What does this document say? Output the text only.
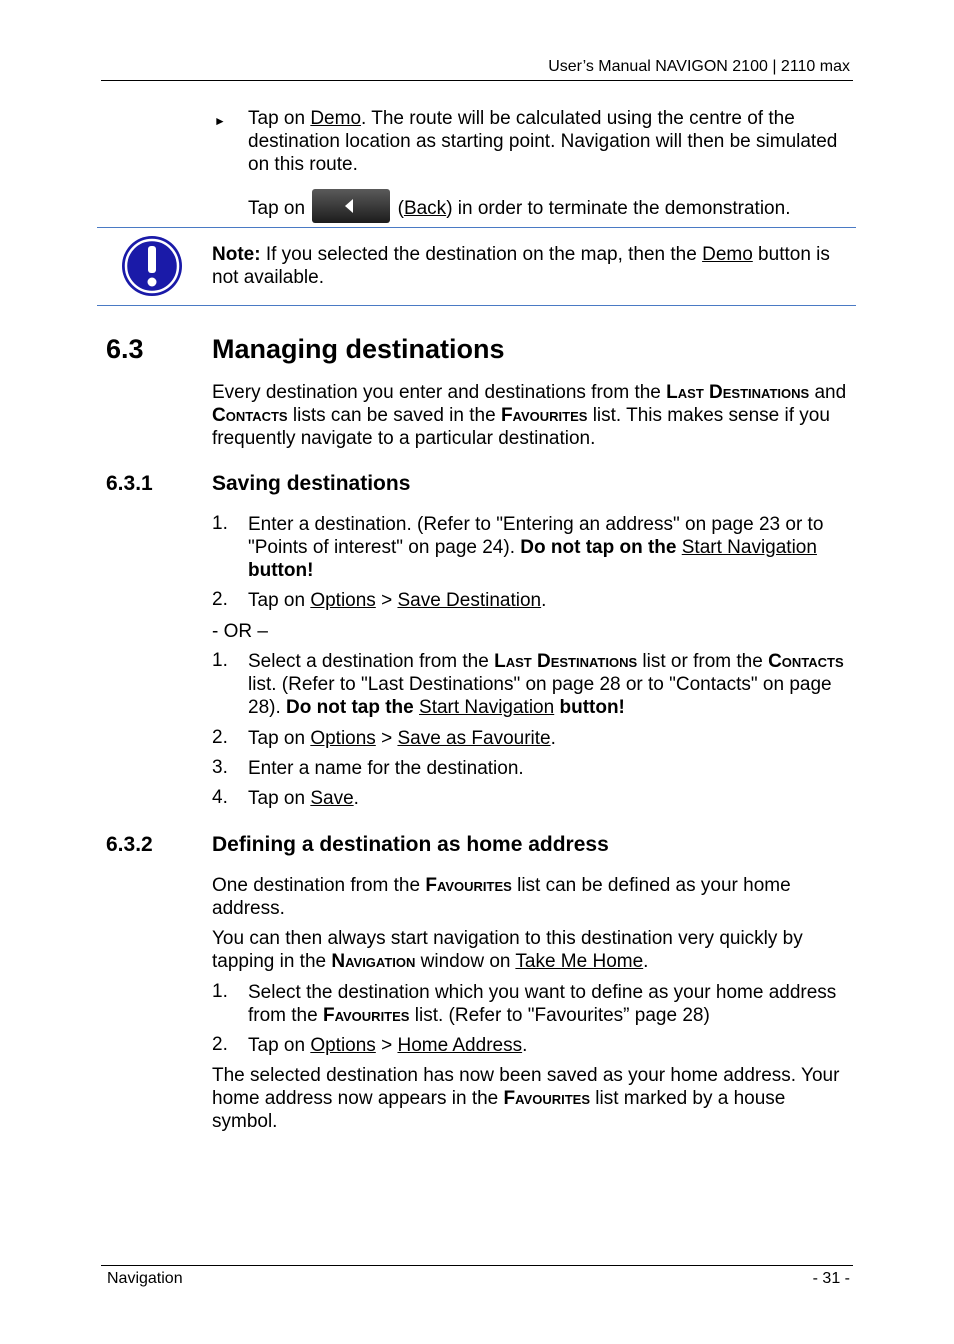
User’s Manual NAVIGON 2100 | 2110 max
► Tap on Demo. The route will be calculated using the centre of the destination location as starting point. Navigation will then be simulated on this route.
Tap on	(Back) in order to terminate the demonstration.
Note: If you selected the destination on the map, then the Demo button is not available.
6.3	Managing destinations
Every destination you enter and destinations from the Last Destinations and Contacts lists can be saved in the Favourites list. This makes sense if you frequently navigate to a particular destination.
6.3.1	Saving destinations
1. Enter a destination. (Refer to "Entering an address" on page 23 or to "Points of interest" on page 24). Do not tap on the Start Navigation button!
2. Tap on Options > Save Destination.
- OR –
1. Select a destination from the Last Destinations list or from the Contacts list. (Refer to "Last Destinations" on page 28 or to "Contacts" on page 28). Do not tap the Start Navigation button!
2. Tap on Options > Save as Favourite.
3. Enter a name for the destination.
4. Tap on Save.
6.3.2	Defining a destination as home address
One destination from the Favourites list can be defined as your home address.
You can then always start navigation to this destination very quickly by tapping in the Navigation window on Take Me Home.
1. Select the destination which you want to define as your home address from the Favourites list. (Refer to "Favourites” page 28)
2. Tap on Options > Home Address.
The selected destination has now been saved as your home address. Your home address now appears in the Favourites list marked by a house symbol.
Navigation	- 31 -
